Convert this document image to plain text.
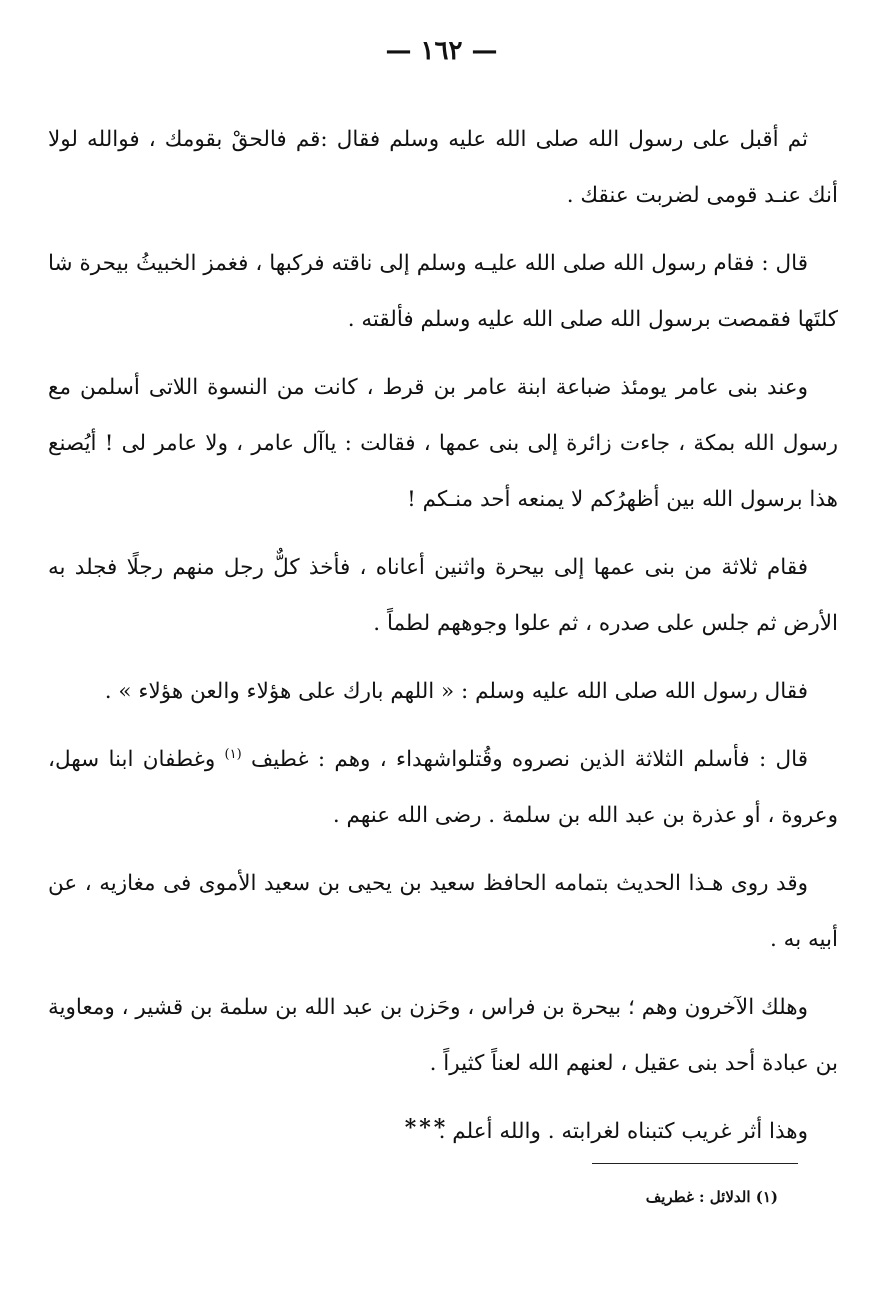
— ١٦٢ —

ثم أقبل على رسول الله صلى الله عليه وسلم فقال :قم فالحقْ بقومك ، فوالله لولا أنك عنـد قومى لضربت عنقك .

قال : فقام رسول الله صلى الله عليـه وسلم إلى ناقته فركبها ، فغمز الخبيثُ بيحرة شا كلتَها فقمصت برسول الله صلى الله عليه وسلم فألقته .

وعند بنى عامر يومئذ ضباعة ابنة عامر بن قرط ، كانت من النسوة اللاتى أسلمن مع رسول الله بمكة ، جاءت زائرة إلى بنى عمها ، فقالت : ياآل عامر ، ولا عامر لى ! أيُصنع هذا برسول الله بين أظهرُكم لا يمنعه أحد منـكم !

فقام ثلاثة من بنى عمها إلى بيحرة واثنين أعاناه ، فأخذ كلٌّ رجل منهم رجلًا فجلد به الأرض ثم جلس على صدره ، ثم علوا وجوههم لطماً .

فقال رسول الله صلى الله عليه وسلم : « اللهم بارك على هؤلاء والعن هؤلاء » .

قال : فأسلم الثلاثة الذين نصروه وقُتلواشهداء ، وهم : غطيف $^{(١)}$ وغطفان ابنا سهل، وعروة ، أو عذرة بن عبد الله بن سلمة . رضى الله عنهم .

وقد روى هـذا الحديث بتمامه الحافظ سعيد بن يحيى بن سعيد الأموى فى مغازيه ، عن أبيه به .

وهلك الآخرون وهم ؛ بيحرة بن فراس ، وحَزن بن عبد الله بن سلمة بن قشير ، ومعاوية بن عبادة أحد بنى عقيل ، لعنهم الله لعناً كثيراً .

وهذا أثر غريب كتبناه لغرابته . والله أعلم .

***
(١) الدلائل : غطريف
